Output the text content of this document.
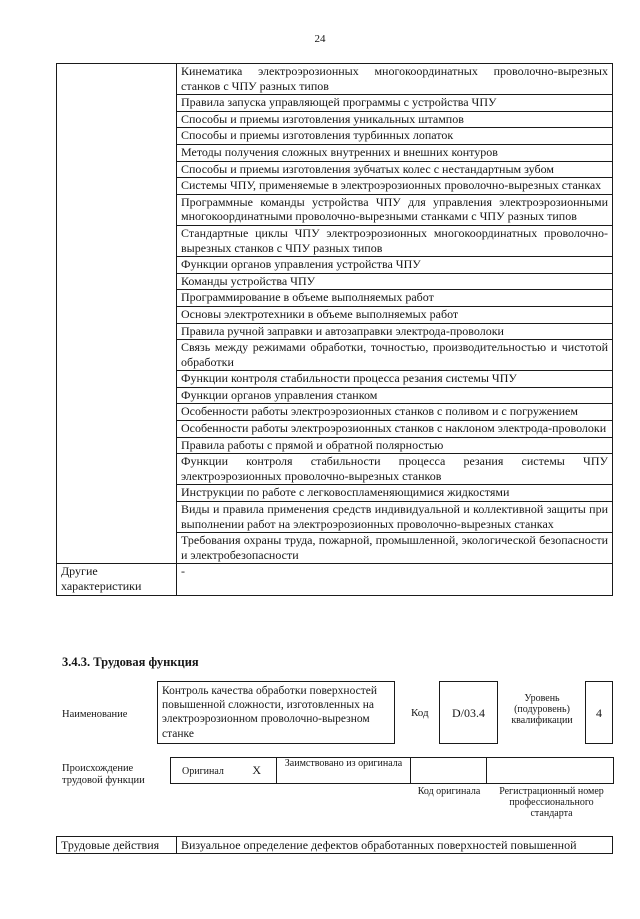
24
	Кинематика электроэрозионных многокоординатных проволочно-вырезных станков с ЧПУ разных типов
	Правила запуска управляющей программы с устройства ЧПУ
	Способы и приемы изготовления уникальных штампов
	Способы и приемы изготовления турбинных лопаток
	Методы получения сложных внутренних и внешних контуров
	Способы и приемы изготовления зубчатых колес с нестандартным зубом
	Системы ЧПУ, применяемые в электроэрозионных проволочно-вырезных станках
	Программные команды устройства ЧПУ для управления электроэрозионными многокоординатными проволочно-вырезными станками с ЧПУ разных типов
	Стандартные циклы ЧПУ электроэрозионных многокоординатных проволочно-вырезных станков с ЧПУ разных типов
	Функции органов управления устройства ЧПУ
	Команды устройства ЧПУ
	Программирование в объеме выполняемых работ
	Основы электротехники в объеме выполняемых работ
	Правила ручной заправки и автозаправки электрода-проволоки
	Связь между режимами обработки, точностью, производительностью и чистотой обработки
	Функции контроля стабильности процесса резания системы ЧПУ
	Функции органов управления станком
	Особенности работы электроэрозионных станков с поливом и с погружением
	Особенности работы электроэрозионных станков с наклоном электрода-проволоки
	Правила работы с прямой и обратной полярностью
	Функции контроля стабильности процесса резания системы ЧПУ электроэрозионных проволочно-вырезных станков
	Инструкции по работе с легковоспламеняющимися жидкостями
	Виды и правила применения средств индивидуальной и коллективной защиты при выполнении работ на электроэрозионных проволочно-вырезных станках
	Требования охраны труда, пожарной, промышленной, экологической безопасности и электробезопасности
Другие характеристики	-
3.4.3. Трудовая функция
Наименование
Контроль качества обработки поверхностей повышенной сложности, изготовленных на электроэрозионном проволочно-вырезном станке
Код	D/03.4
Уровень (подуровень) квалификации
4
Происхождение трудовой функции
Оригинал X	Заимствовано из оригинала		
Код оригинала	Регистрационный номер профессионального стандарта
Трудовые действия	Визуальное определение дефектов обработанных поверхностей повышенной
